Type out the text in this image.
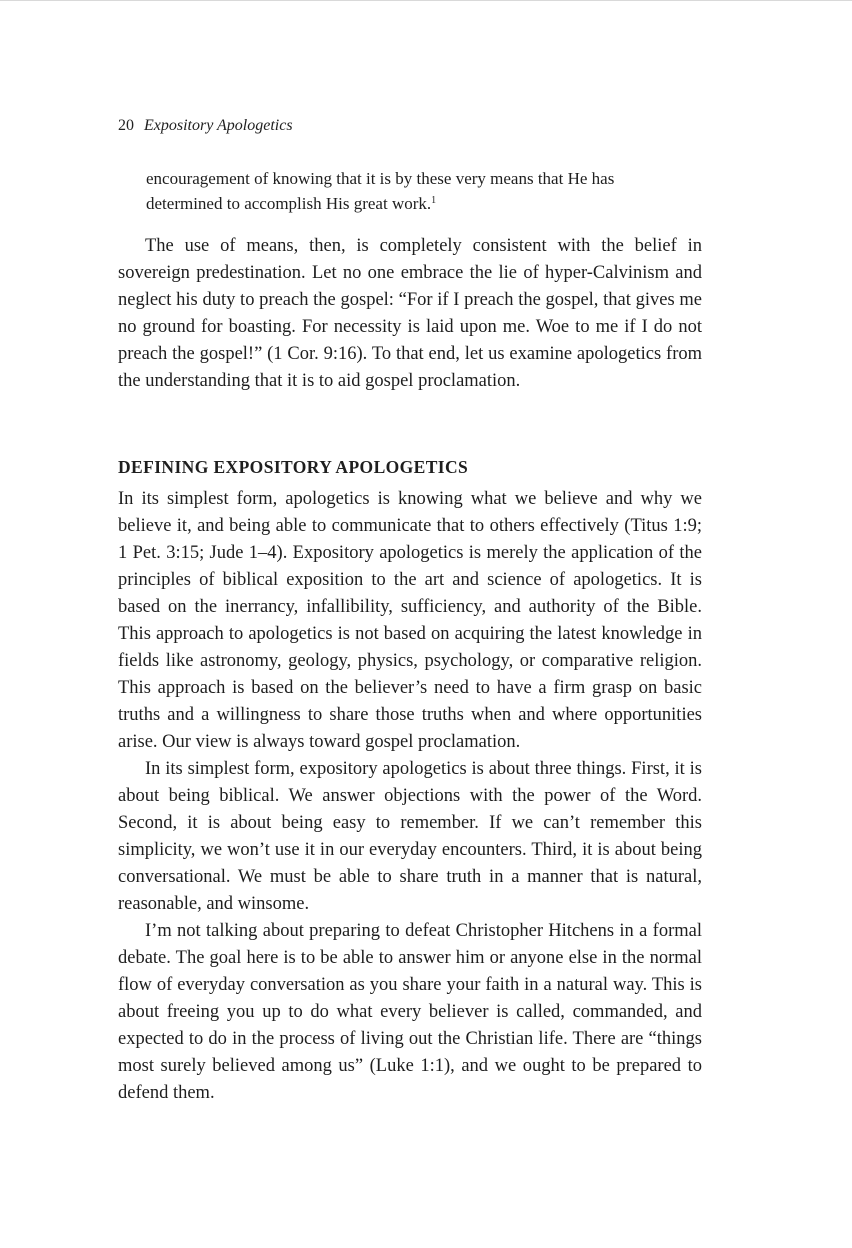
20 Expository Apologetics

encouragement of knowing that it is by these very means that He has determined to accomplish His great work.$^1$

The use of means, then, is completely consistent with the belief in sovereign predestination. Let no one embrace the lie of hyper-Calvinism and neglect his duty to preach the gospel: “For if I preach the gospel, that gives me no ground for boasting. For necessity is laid upon me. Woe to me if I do not preach the gospel!” (1 Cor. 9:16). To that end, let us examine apologetics from the understanding that it is to aid gospel proclamation.

DEFINING EXPOSITORY APOLOGETICS

In its simplest form, apologetics is knowing what we believe and why we believe it, and being able to communicate that to others effectively (Titus 1:9; 1 Pet. 3:15; Jude 1–4). Expository apologetics is merely the application of the principles of biblical exposition to the art and science of apologetics. It is based on the inerrancy, infallibility, sufficiency, and authority of the Bible. This approach to apologetics is not based on acquiring the latest knowledge in fields like astronomy, geology, physics, psychology, or comparative religion. This approach is based on the believer’s need to have a firm grasp on basic truths and a willingness to share those truths when and where opportunities arise. Our view is always toward gospel proclamation.

In its simplest form, expository apologetics is about three things. First, it is about being biblical. We answer objections with the power of the Word. Second, it is about being easy to remember. If we can’t remember this simplicity, we won’t use it in our everyday encounters. Third, it is about being conversational. We must be able to share truth in a manner that is natural, reasonable, and winsome.

I’m not talking about preparing to defeat Christopher Hitchens in a formal debate. The goal here is to be able to answer him or anyone else in the normal flow of everyday conversation as you share your faith in a natural way. This is about freeing you up to do what every believer is called, commanded, and expected to do in the process of living out the Christian life. There are “things most surely believed among us” (Luke 1:1), and we ought to be prepared to defend them.
